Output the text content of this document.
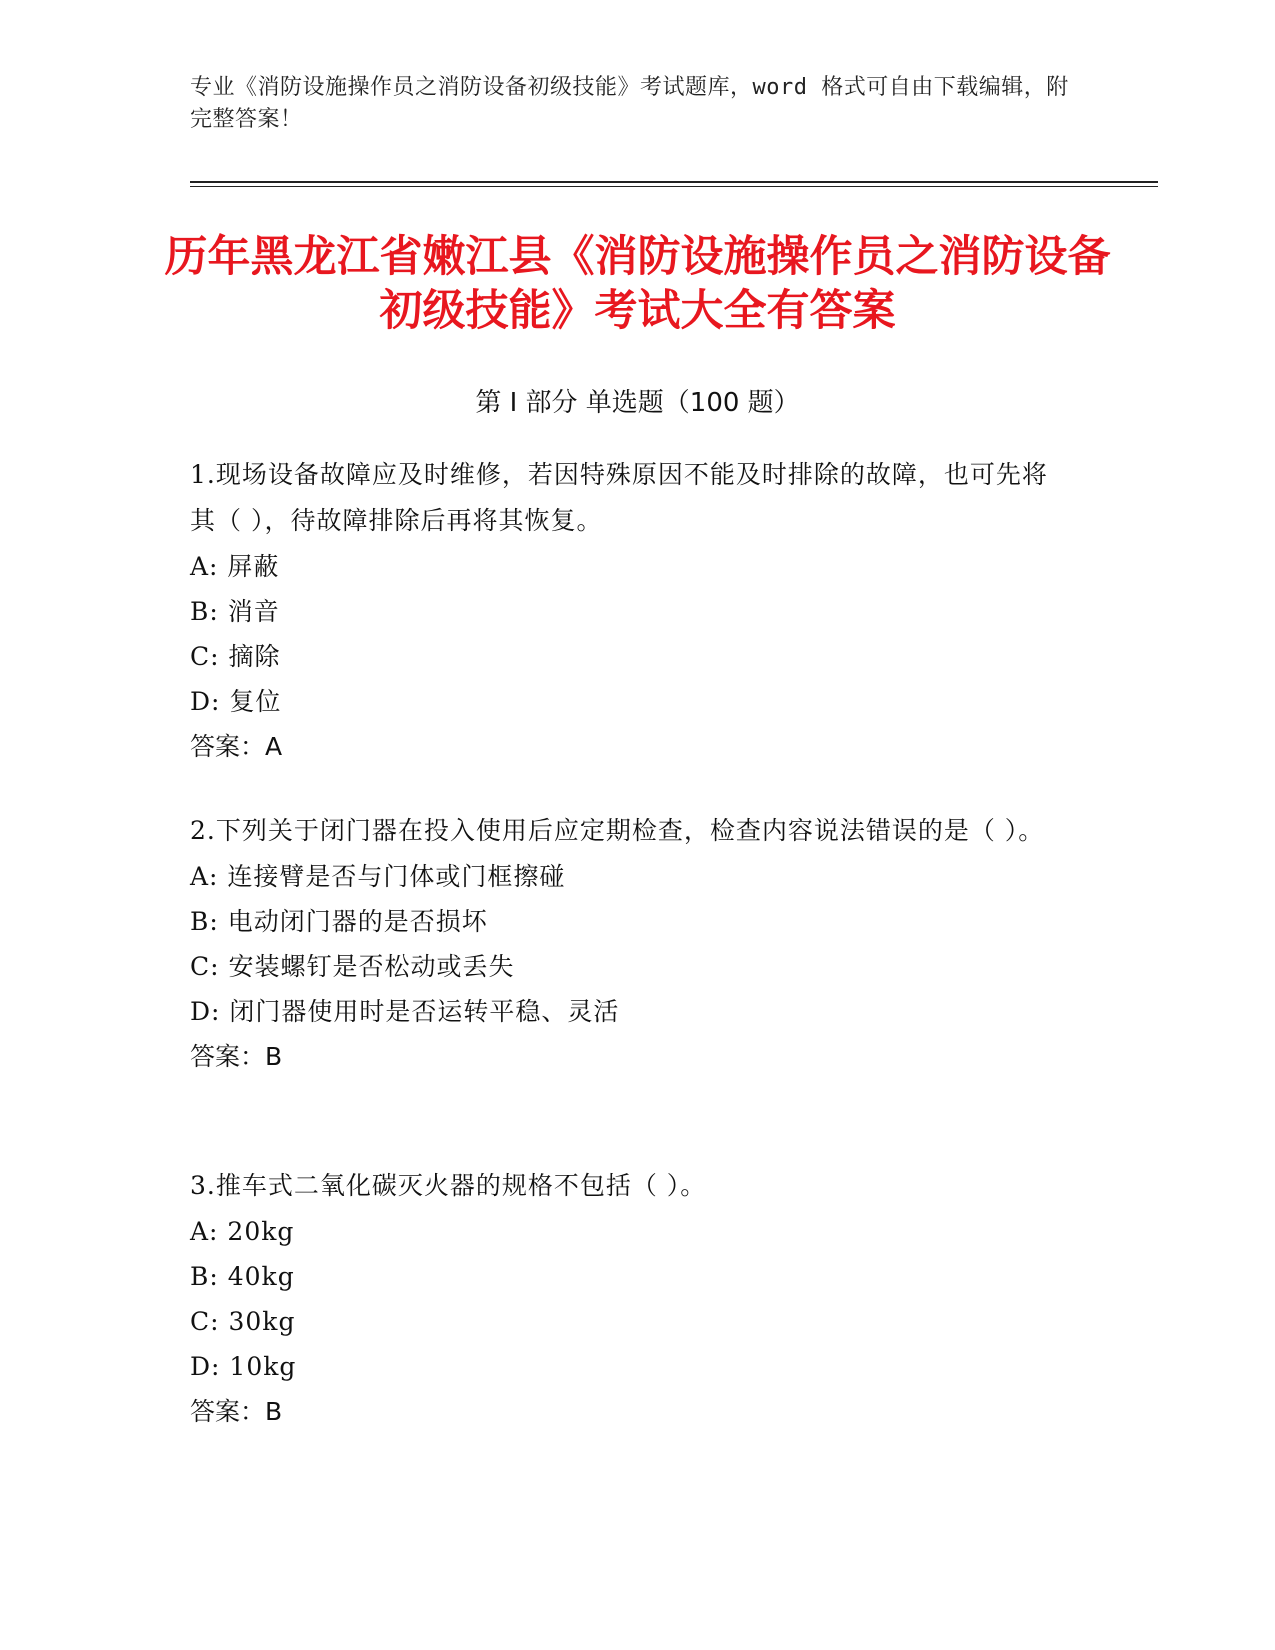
专业《消防设施操作员之消防设备初级技能》考试题库，word 格式可自由下载编辑，附完整答案！
历年黑龙江省嫩江县《消防设施操作员之消防设备初级技能》考试大全有答案
第 I 部分 单选题（100 题）
1.现场设备故障应及时维修，若因特殊原因不能及时排除的故障，也可先将其（ ），待故障排除后再将其恢复。
A: 屏蔽
B: 消音
C: 摘除
D: 复位
答案：A
2.下列关于闭门器在投入使用后应定期检查，检查内容说法错误的是（ ）。
A: 连接臂是否与门体或门框擦碰
B: 电动闭门器的是否损坏
C: 安装螺钉是否松动或丢失
D: 闭门器使用时是否运转平稳、灵活
答案：B
3.推车式二氧化碳灭火器的规格不包括（ ）。
A: 20kg
B: 40kg
C: 30kg
D: 10kg
答案：B
